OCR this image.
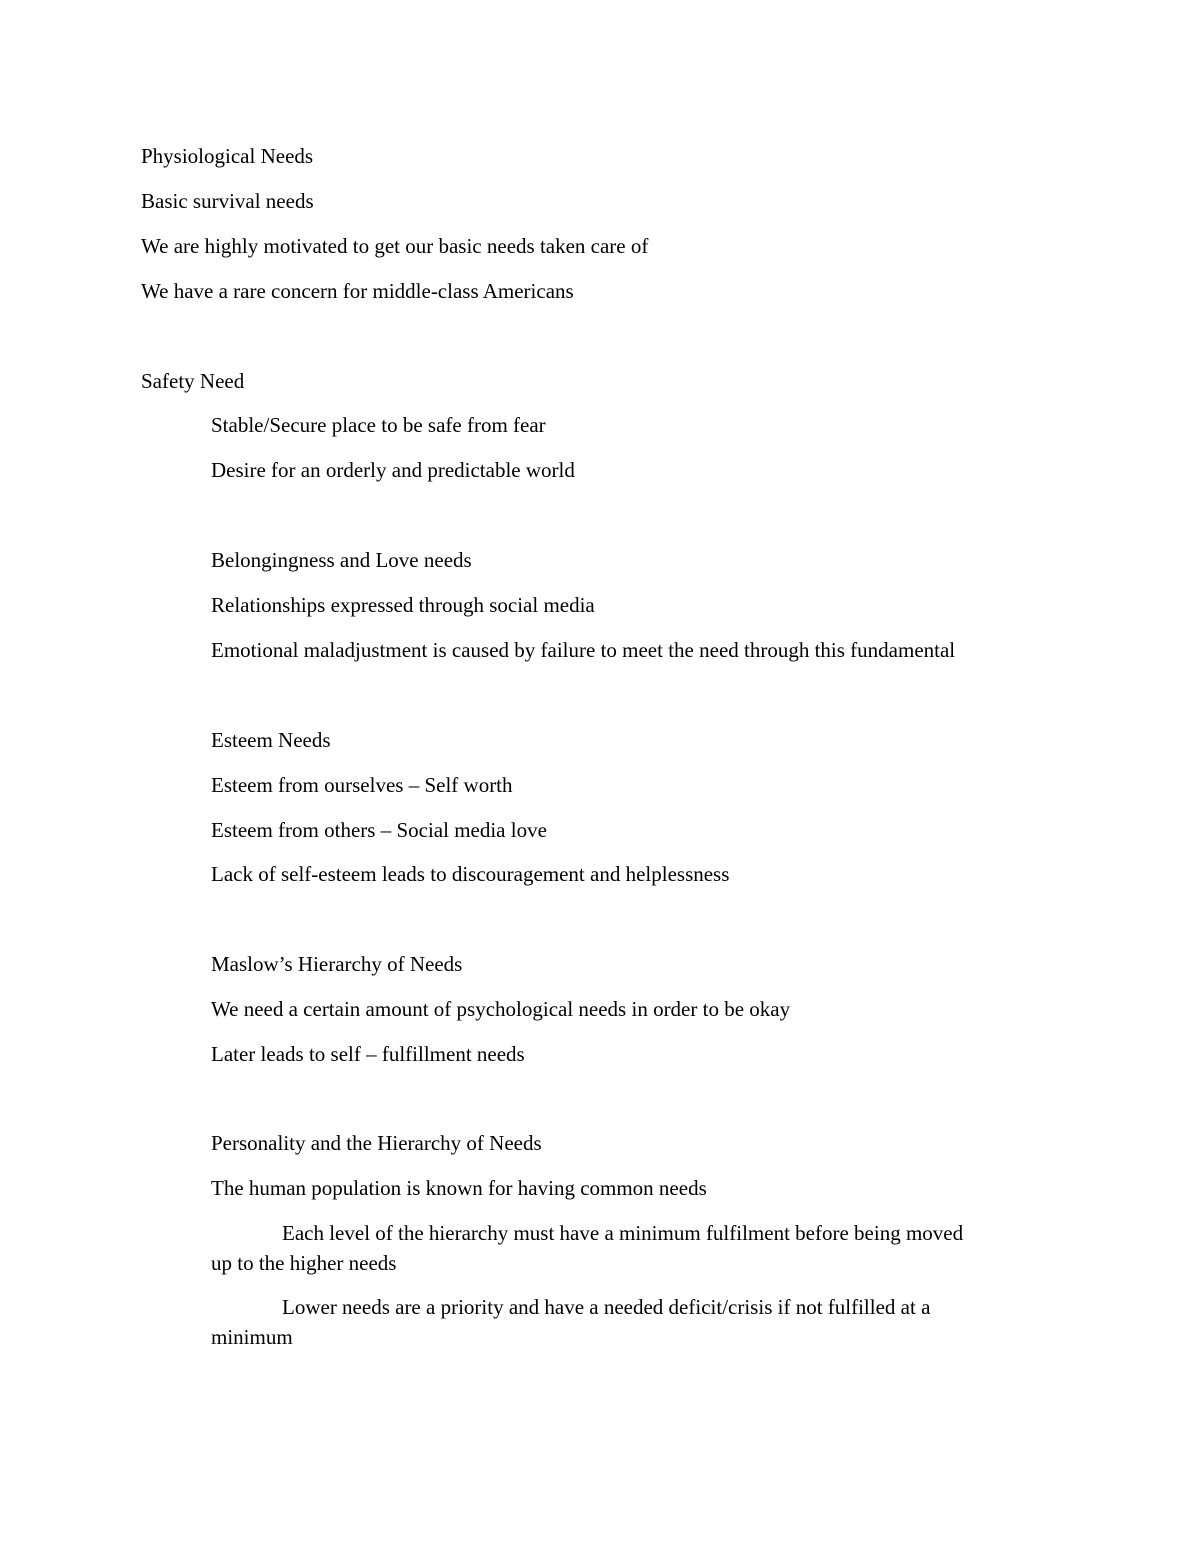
Physiological Needs
Basic survival needs
We are highly motivated to get our basic needs taken care of
We have a rare concern for middle-class Americans
Safety Need
Stable/Secure place to be safe from fear
Desire for an orderly and predictable world
Belongingness and Love needs
Relationships expressed through social media
Emotional maladjustment is caused by failure to meet the need through this fundamental
Esteem Needs
Esteem from ourselves – Self worth
Esteem from others – Social media love
Lack of self-esteem leads to discouragement and helplessness
Maslow’s Hierarchy of Needs
We need a certain amount of psychological needs in order to be okay
Later leads to self – fulfillment needs
Personality and the Hierarchy of Needs
The human population is known for having common needs
Each level of the hierarchy must have a minimum fulfilment before being moved
up to the higher needs
Lower needs are a priority and have a needed deficit/crisis if not fulfilled at a
minimum
